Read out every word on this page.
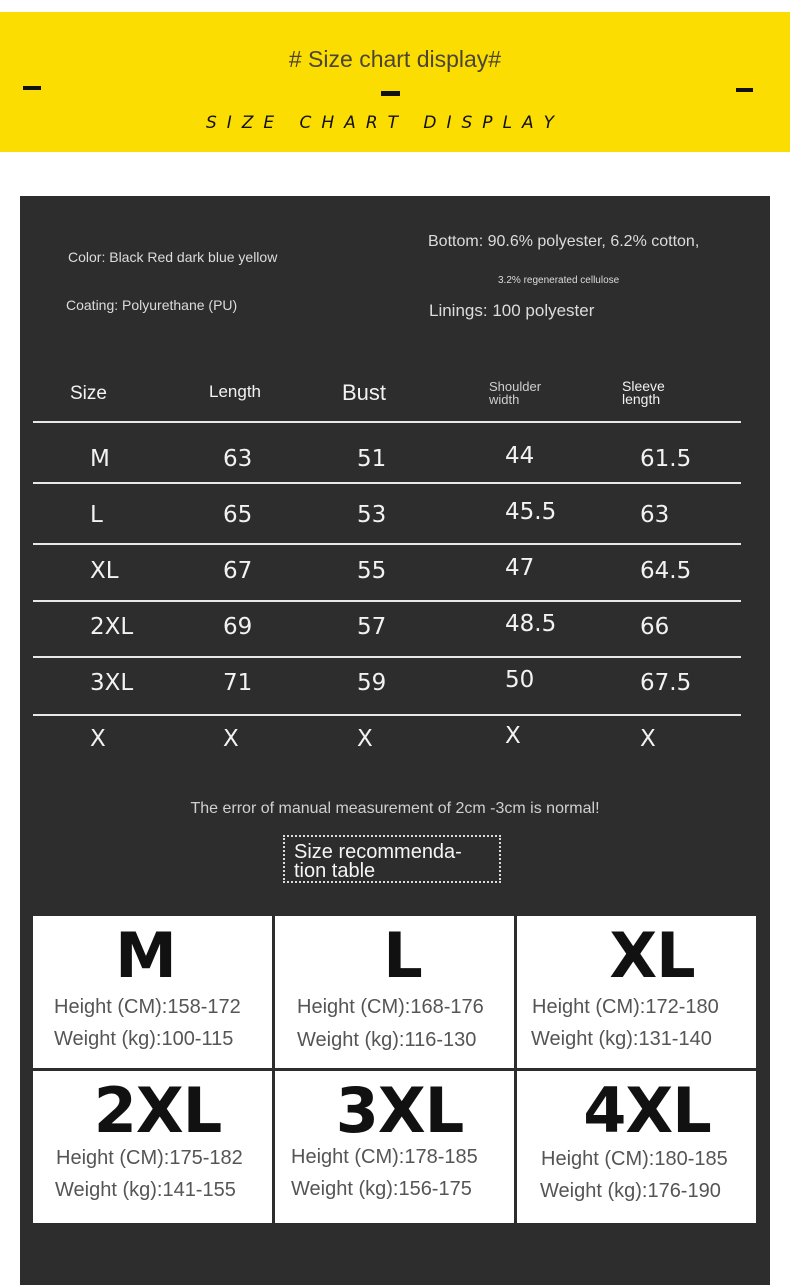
# Size chart display#
SIZE CHART DISPLAY
Color: Black Red dark blue yellow
Coating: Polyurethane (PU)
Bottom: 90.6% polyester, 6.2% cotton,
3.2% regenerated cellulose
Linings: 100 polyester
Size	Length	Bust	Shoulder
width
Sleeve
length
M	63	51	44	61.5
L	65	53	45.5	63
XL	67	55	47	64.5
2XL	69	57	48.5	66
3XL	71	59	50	67.5
X	X	X	X	X
The error of manual measurement of 2cm -3cm is normal!
Size recommenda-
tion table
M
Height (CM):158-172
Weight (kg):100-115
L
Height (CM):168-176
Weight (kg):116-130
XL
Height (CM):172-180
Weight (kg):131-140
2XL
Height (CM):175-182
Weight (kg):141-155
3XL
Height (CM):178-185
Weight (kg):156-175
4XL
Height (CM):180-185
Weight (kg):176-190
